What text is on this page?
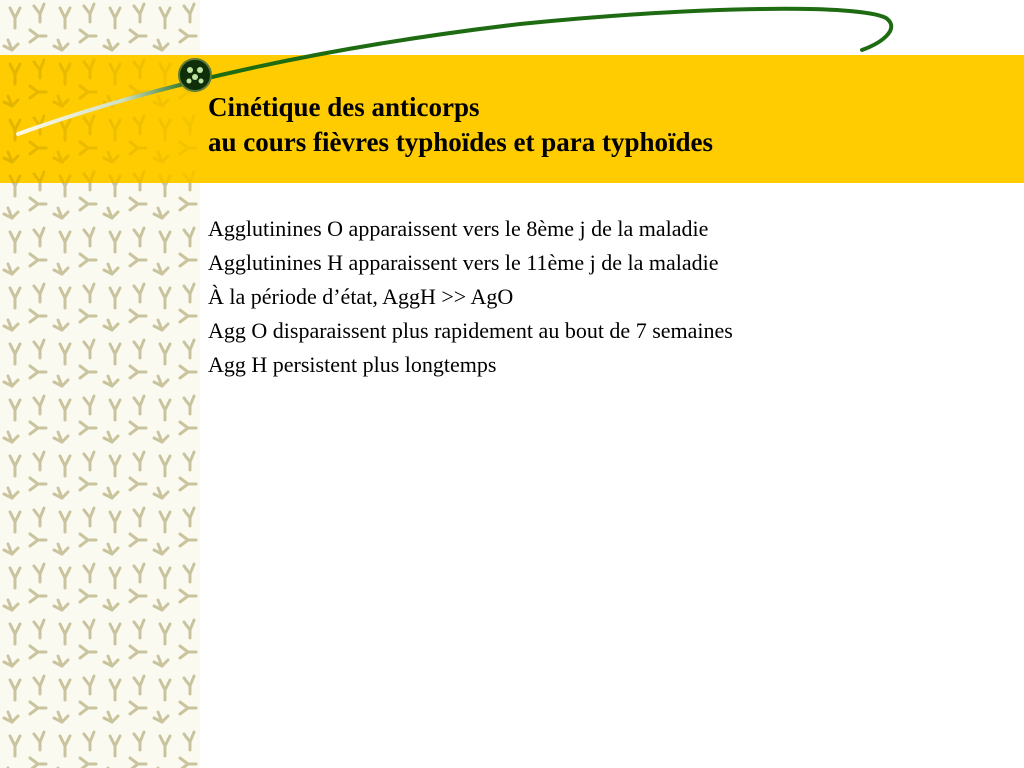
Cinétique des anticorps
au cours fièvres typhoïdes et para typhoïdes
Agglutinines O apparaissent vers le 8ème j de la maladie
Agglutinines H apparaissent vers le 11ème j de la maladie
À la période d’état, AggH >> AgO
Agg O disparaissent plus rapidement au bout de 7 semaines
Agg H persistent plus longtemps
